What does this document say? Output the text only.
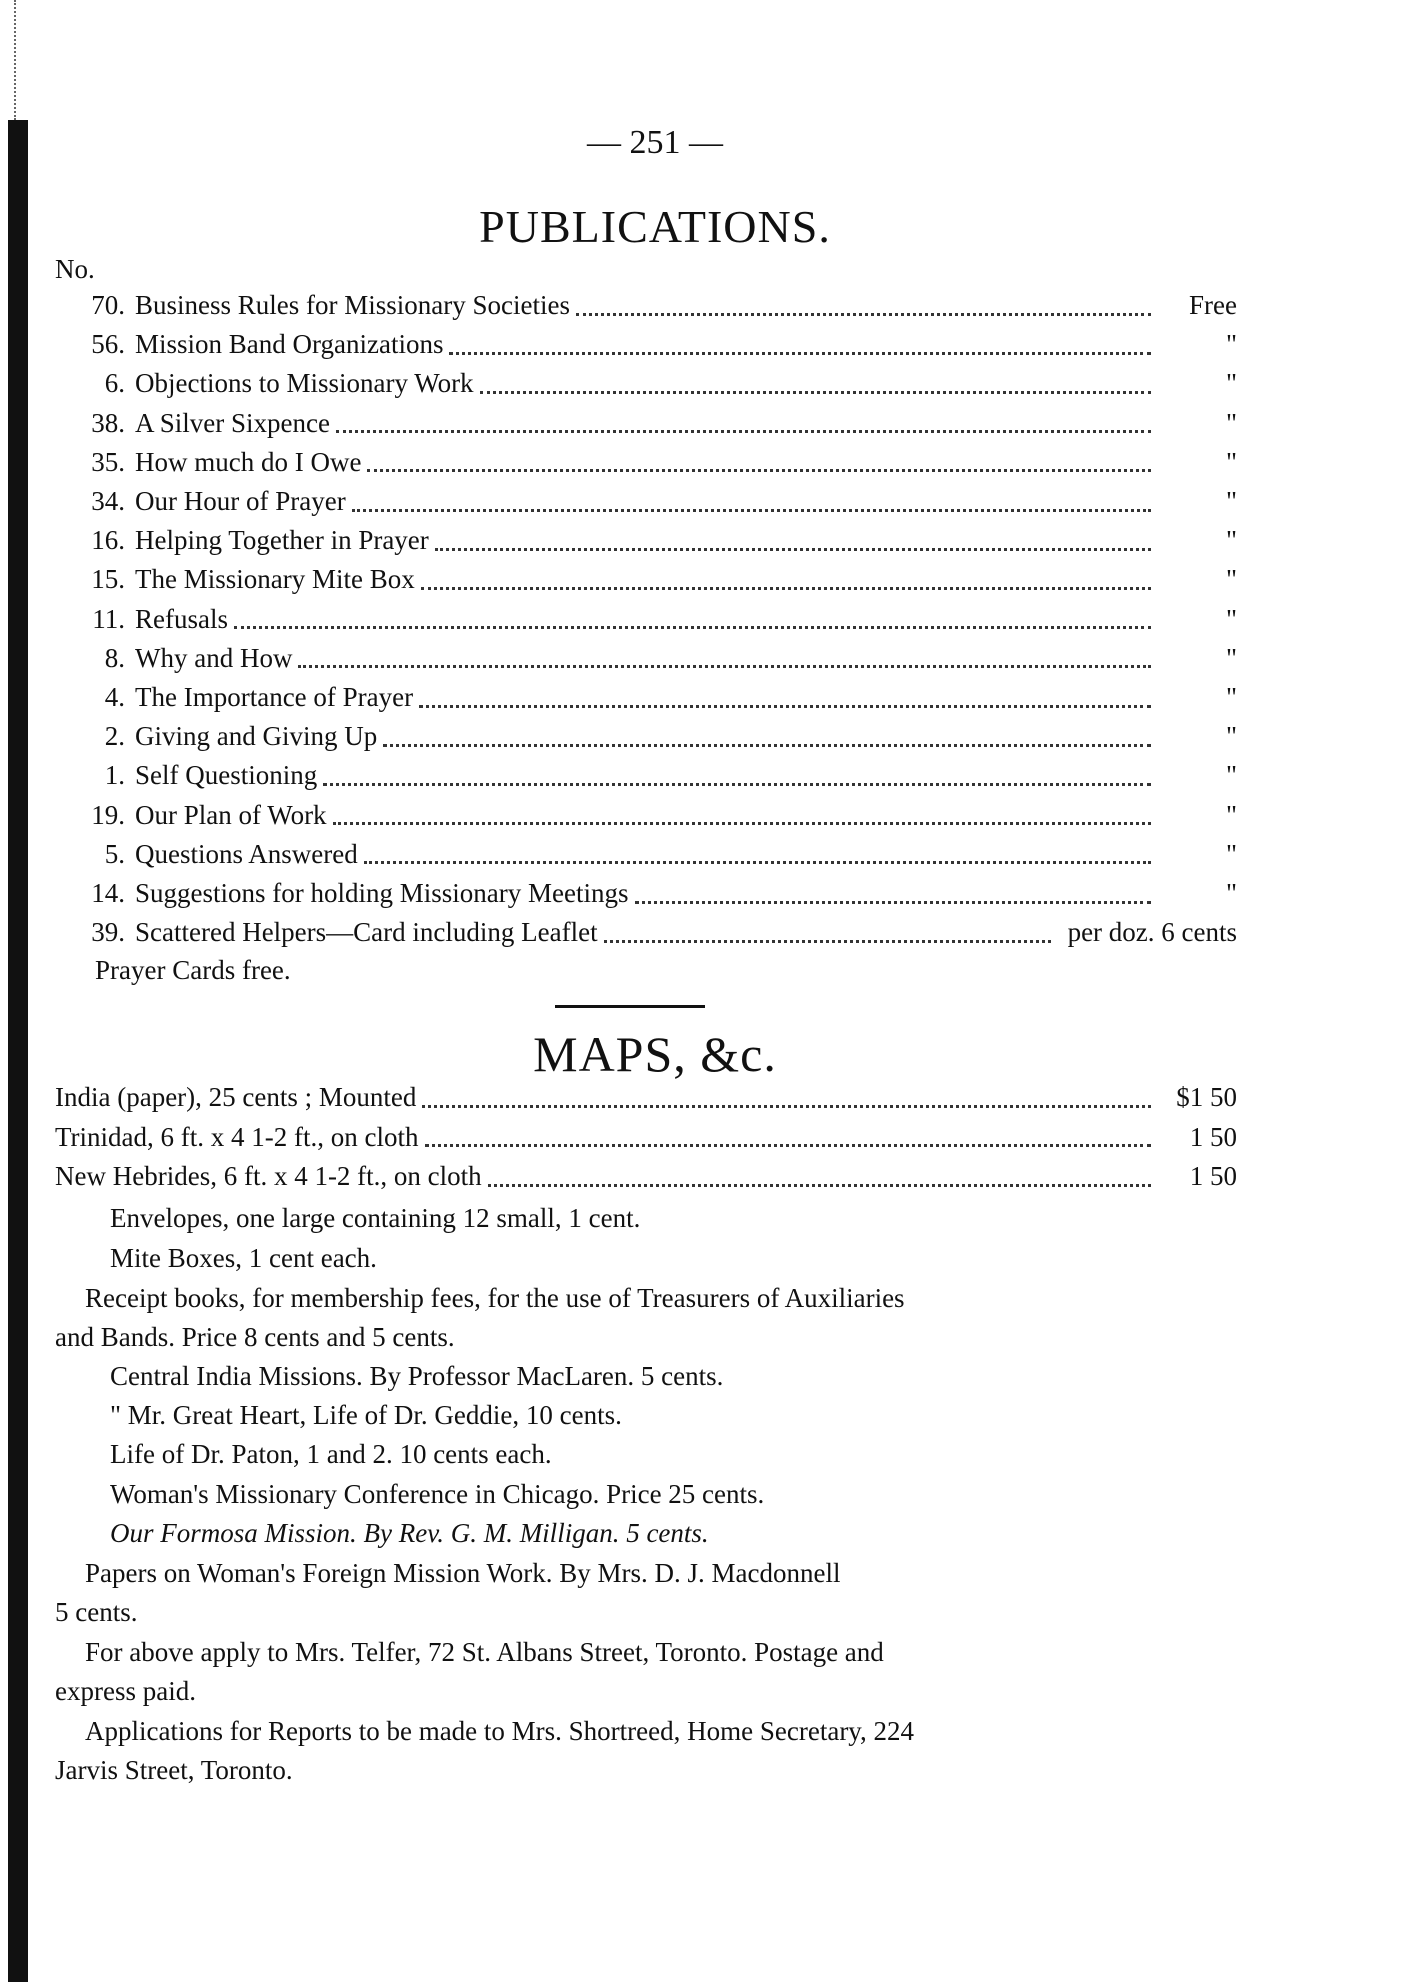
— 251 —
PUBLICATIONS.
No.
70. Business Rules for Missionary Societies	Free
56. Mission Band Organizations	"
6. Objections to Missionary Work	"
38. A Silver Sixpence	"
35. How much do I Owe	"
34. Our Hour of Prayer	"
16. Helping Together in Prayer	"
15. The Missionary Mite Box	"
11. Refusals	"
8. Why and How	"
4. The Importance of Prayer	"
2. Giving and Giving Up	"
1. Self Questioning	"
19. Our Plan of Work	"
5. Questions Answered	"
14. Suggestions for holding Missionary Meetings	"
39. Scattered Helpers—Card including Leaflet	per doz. 6 cents
Prayer Cards free.
MAPS, &c.
India (paper), 25 cents ; Mounted	$1 50
Trinidad, 6 ft. x 4 1-2 ft., on cloth	1 50
New Hebrides, 6 ft. x 4 1-2 ft., on cloth	1 50
Envelopes, one large containing 12 small, 1 cent.
Mite Boxes, 1 cent each.
Receipt books, for membership fees, for the use of Treasurers of Auxiliaries
and Bands. Price 8 cents and 5 cents.
Central India Missions. By Professor MacLaren. 5 cents.
" Mr. Great Heart, Life of Dr. Geddie, 10 cents.
Life of Dr. Paton, 1 and 2. 10 cents each.
Woman's Missionary Conference in Chicago. Price 25 cents.
Our Formosa Mission. By Rev. G. M. Milligan. 5 cents.
Papers on Woman's Foreign Mission Work. By Mrs. D. J. Macdonnell
5 cents.
For above apply to Mrs. Telfer, 72 St. Albans Street, Toronto. Postage and
express paid.
Applications for Reports to be made to Mrs. Shortreed, Home Secretary, 224
Jarvis Street, Toronto.
